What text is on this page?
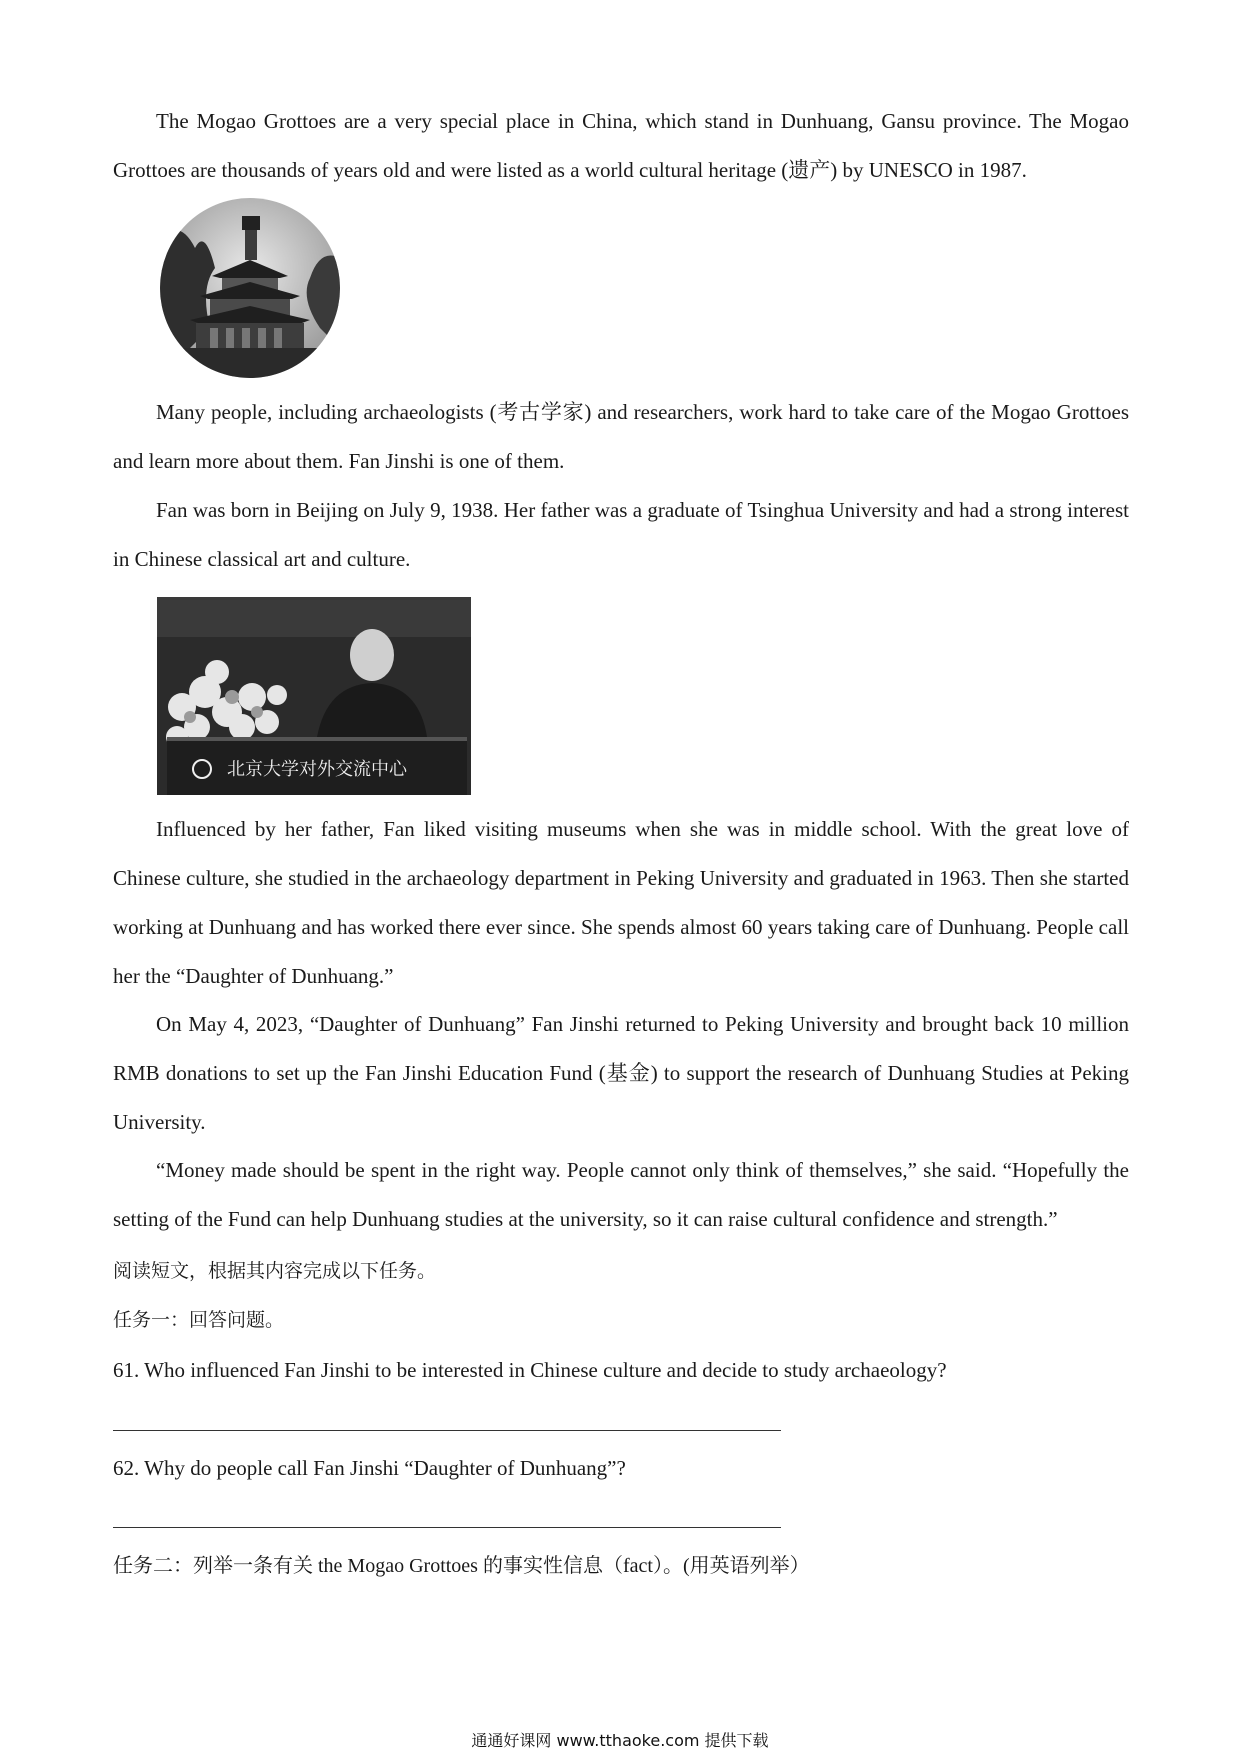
The Mogao Grottoes are a very special place in China, which stand in Dunhuang, Gansu province. The Mogao Grottoes are thousands of years old and were listed as a world cultural heritage (遗产) by UNESCO in 1987.

Many people, including archaeologists (考古学家) and researchers, work hard to take care of the Mogao Grottoes and learn more about them. Fan Jinshi is one of them.

Fan was born in Beijing on July 9, 1938. Her father was a graduate of Tsinghua University and had a strong interest in Chinese classical art and culture.

北京大学对外交流中心

Influenced by her father, Fan liked visiting museums when she was in middle school. With the great love of Chinese culture, she studied in the archaeology department in Peking University and graduated in 1963. Then she started working at Dunhuang and has worked there ever since. She spends almost 60 years taking care of Dunhuang. People call her the “Daughter of Dunhuang.”

On May 4, 2023, “Daughter of Dunhuang” Fan Jinshi returned to Peking University and brought back 10 million RMB donations to set up the Fan Jinshi Education Fund (基金) to support the research of Dunhuang Studies at Peking University.

“Money made should be spent in the right way. People cannot only think of themselves,” she said. “Hopefully the setting of the Fund can help Dunhuang studies at the university, so it can raise cultural confidence and strength.”

阅读短文，根据其内容完成以下任务。

任务一：回答问题。

61. Who influenced Fan Jinshi to be interested in Chinese culture and decide to study archaeology?

62. Why do people call Fan Jinshi “Daughter of Dunhuang”?

任务二：列举一条有关 the Mogao Grottoes 的事实性信息（fact）。(用英语列举）

通通好课网 www.tthaoke.com 提供下载
